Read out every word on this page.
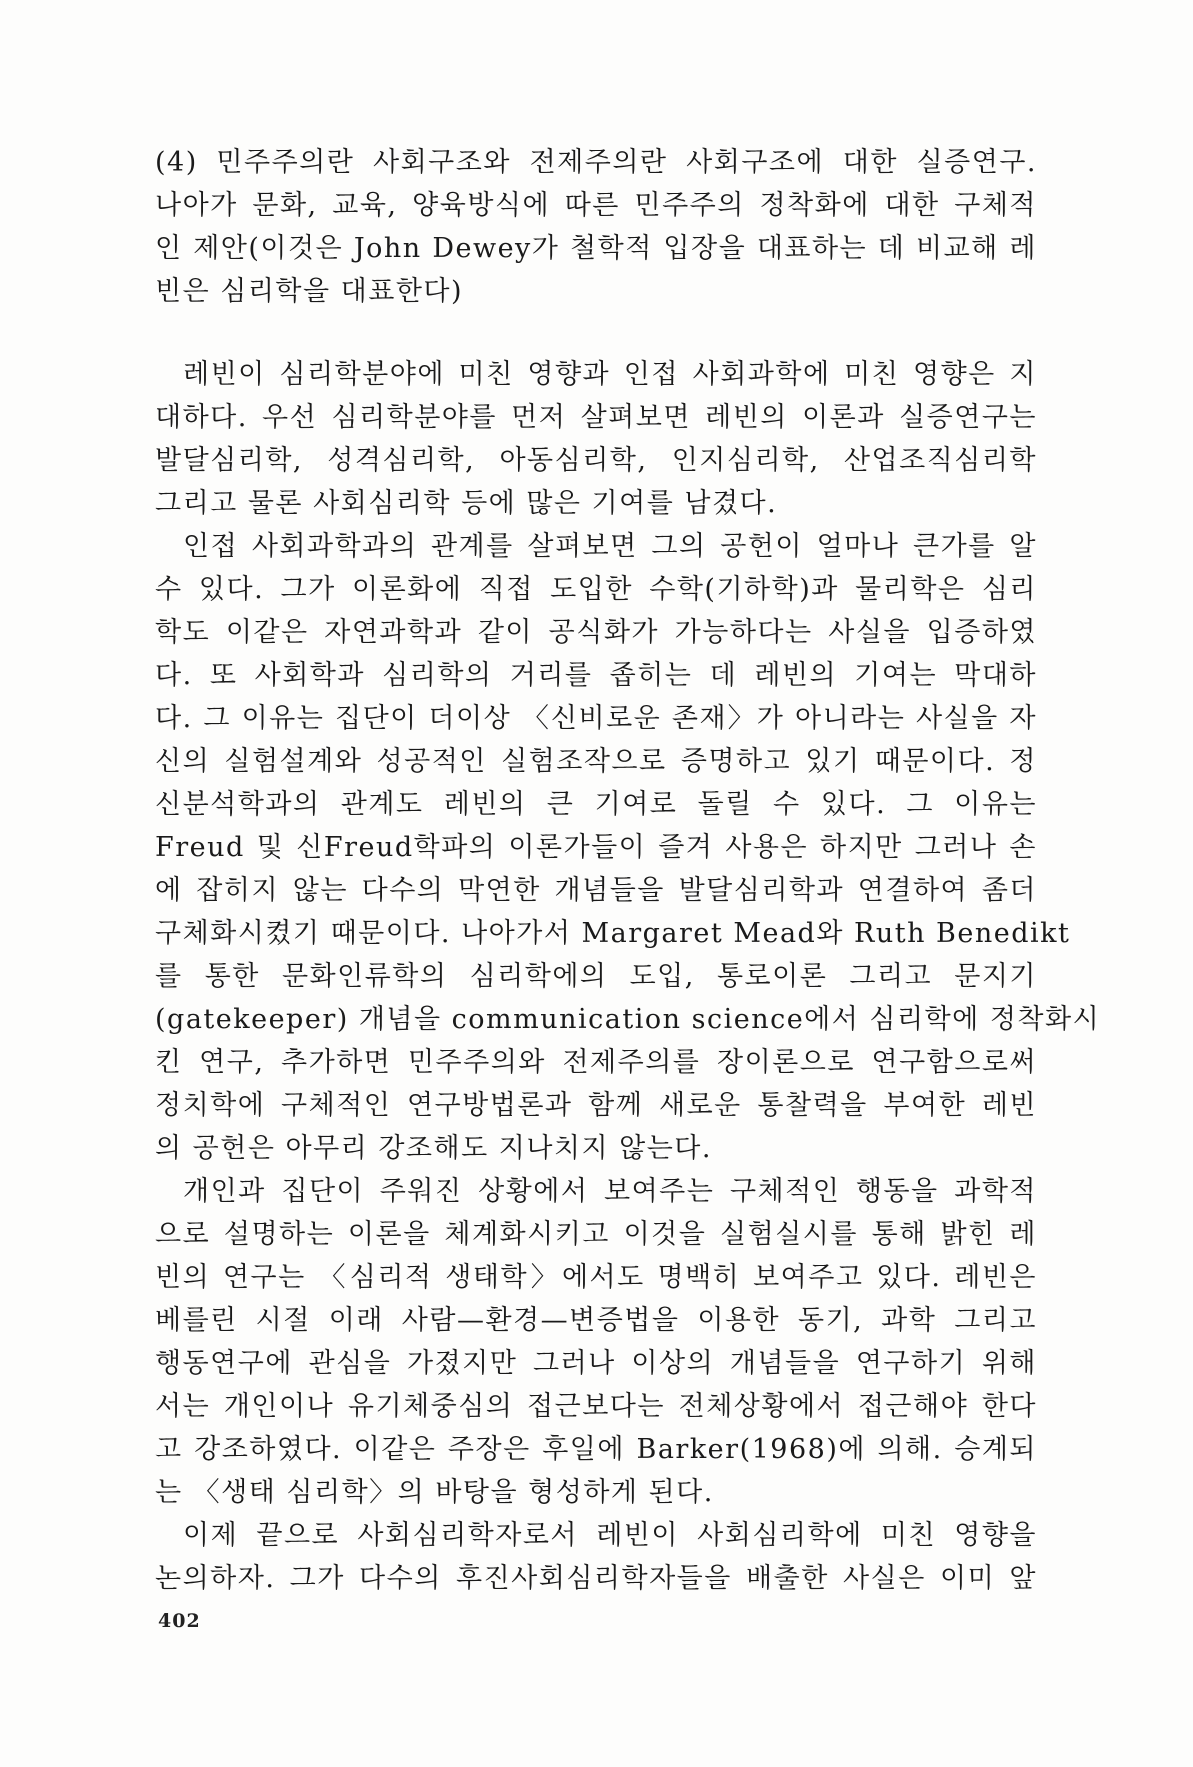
(4) 민주주의란 사회구조와 전제주의란 사회구조에 대한 실증연구.
나아가 문화, 교육, 양육방식에 따른 민주주의 정착화에 대한 구체적
인 제안(이것은 John Dewey가 철학적 입장을 대표하는 데 비교해 레
빈은 심리학을 대표한다)
레빈이 심리학분야에 미친 영향과 인접 사회과학에 미친 영향은 지
대하다. 우선 심리학분야를 먼저 살펴보면 레빈의 이론과 실증연구는
발달심리학, 성격심리학, 아동심리학, 인지심리학, 산업조직심리학
그리고 물론 사회심리학 등에 많은 기여를 남겼다.
인접 사회과학과의 관계를 살펴보면 그의 공헌이 얼마나 큰가를 알
수 있다. 그가 이론화에 직접 도입한 수학(기하학)과 물리학은 심리
학도 이같은 자연과학과 같이 공식화가 가능하다는 사실을 입증하였
다. 또 사회학과 심리학의 거리를 좁히는 데 레빈의 기여는 막대하
다. 그 이유는 집단이 더이상 〈신비로운 존재〉가 아니라는 사실을 자
신의 실험설계와 성공적인 실험조작으로 증명하고 있기 때문이다. 정
신분석학과의 관계도 레빈의 큰 기여로 돌릴 수 있다. 그 이유는
Freud 및 신Freud학파의 이론가들이 즐겨 사용은 하지만 그러나 손
에 잡히지 않는 다수의 막연한 개념들을 발달심리학과 연결하여 좀더
구체화시켰기 때문이다. 나아가서 Margaret Mead와 Ruth Benedikt
를 통한 문화인류학의 심리학에의 도입, 통로이론 그리고 문지기
(gatekeeper) 개념을 communication science에서 심리학에 정착화시
킨 연구, 추가하면 민주주의와 전제주의를 장이론으로 연구함으로써
정치학에 구체적인 연구방법론과 함께 새로운 통찰력을 부여한 레빈
의 공헌은 아무리 강조해도 지나치지 않는다.
개인과 집단이 주워진 상황에서 보여주는 구체적인 행동을 과학적
으로 설명하는 이론을 체계화시키고 이것을 실험실시를 통해 밝힌 레
빈의 연구는 〈심리적 생태학〉에서도 명백히 보여주고 있다. 레빈은
베를린 시절 이래 사람—환경—변증법을 이용한 동기, 과학 그리고
행동연구에 관심을 가졌지만 그러나 이상의 개념들을 연구하기 위해
서는 개인이나 유기체중심의 접근보다는 전체상황에서 접근해야 한다
고 강조하였다. 이같은 주장은 후일에 Barker(1968)에 의해. 승계되
는 〈생태 심리학〉의 바탕을 형성하게 된다.
이제 끝으로 사회심리학자로서 레빈이 사회심리학에 미친 영향을
논의하자. 그가 다수의 후진사회심리학자들을 배출한 사실은 이미 앞
402
